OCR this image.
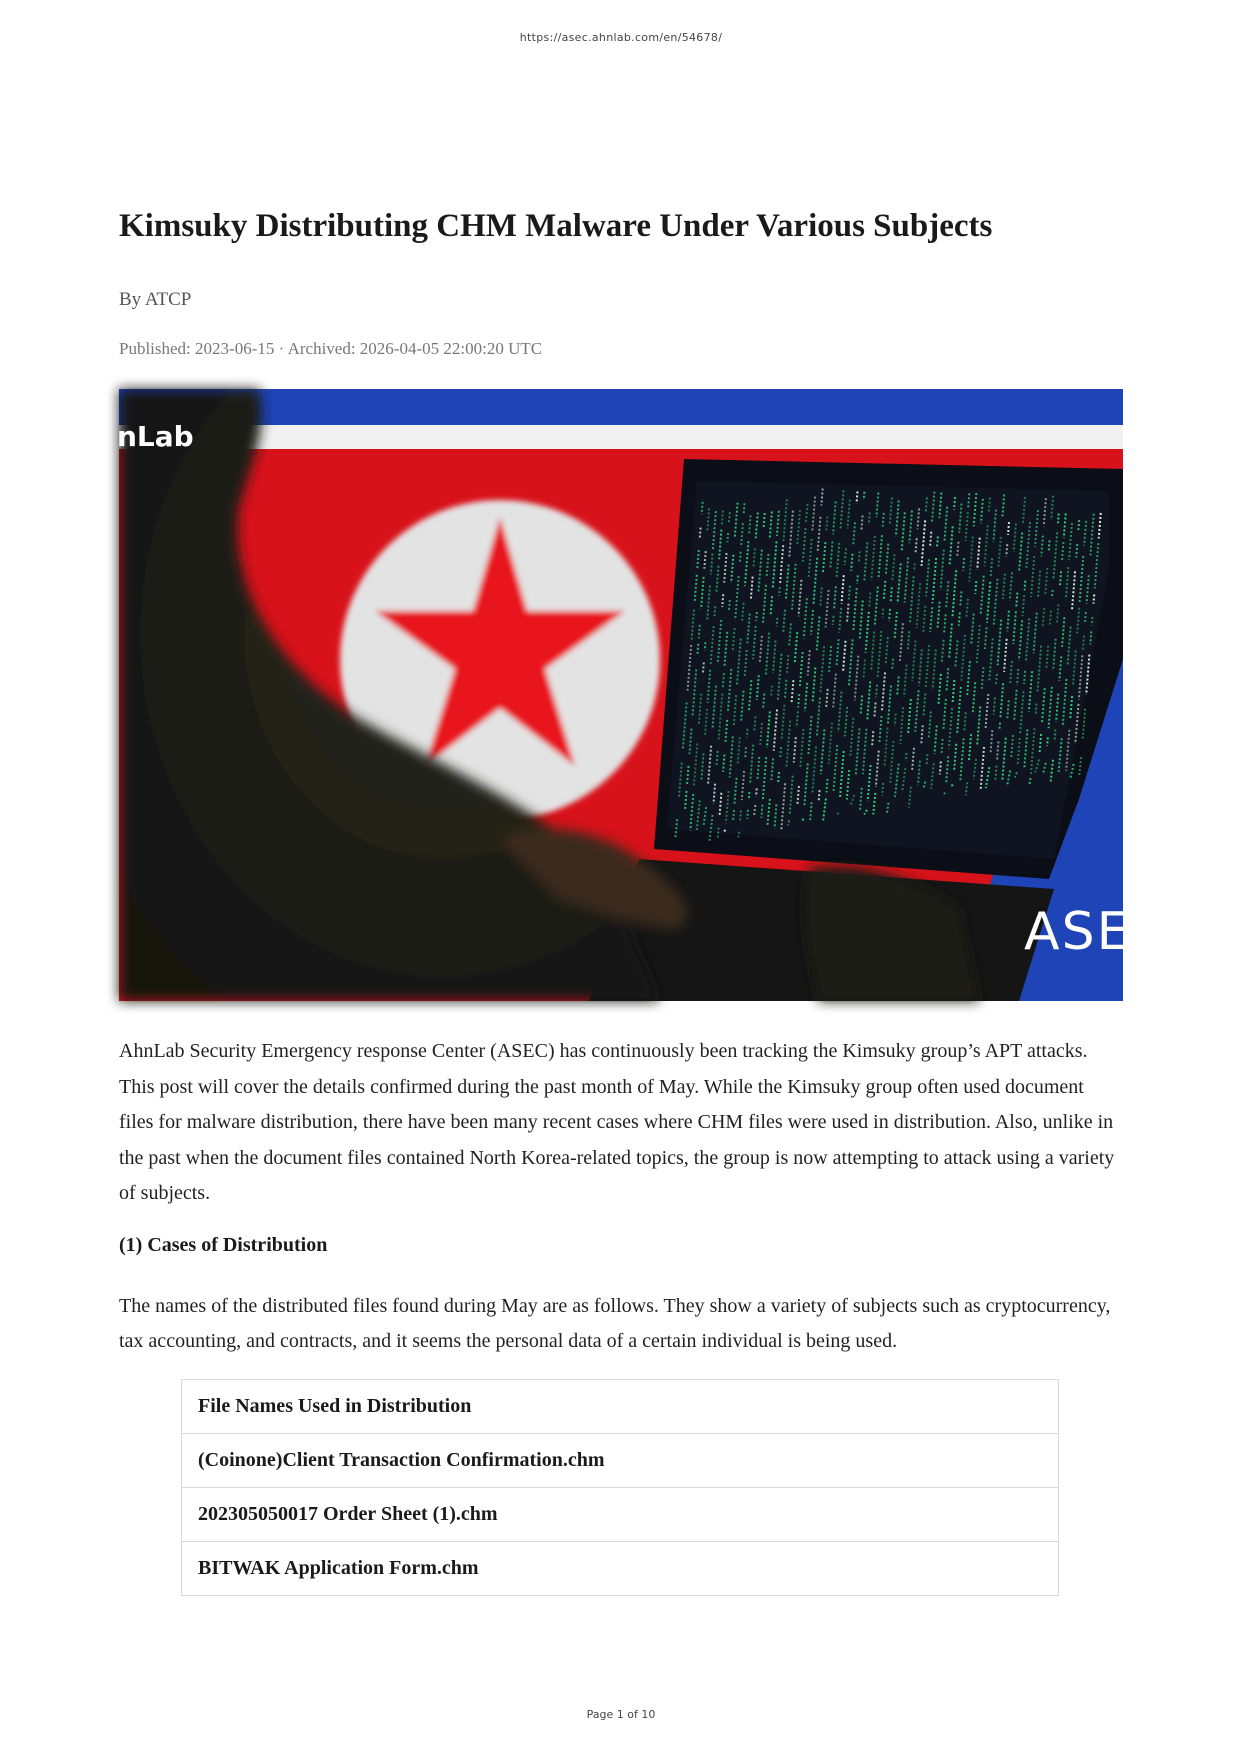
https://asec.ahnlab.com/en/54678/
Kimsuky Distributing CHM Malware Under Various Subjects
By ATCP
Published: 2023-06-15 · Archived: 2026-04-05 22:00:20 UTC
nLab
ASEC

AhnLab Security Emergency response Center (ASEC) has continuously been tracking the Kimsuky group’s APT attacks. This post will cover the details confirmed during the past month of May. While the Kimsuky group often used document files for malware distribution, there have been many recent cases where CHM files were used in distribution. Also, unlike in the past when the document files contained North Korea-related topics, the group is now attempting to attack using a variety of subjects.

(1) Cases of Distribution

The names of the distributed files found during May are as follows. They show a variety of subjects such as cryptocurrency, tax accounting, and contracts, and it seems the personal data of a certain individual is being used.

File Names Used in Distribution
(Coinone)Client Transaction Confirmation.chm
202305050017 Order Sheet (1).chm
BITWAK Application Form.chm
Page 1 of 10
